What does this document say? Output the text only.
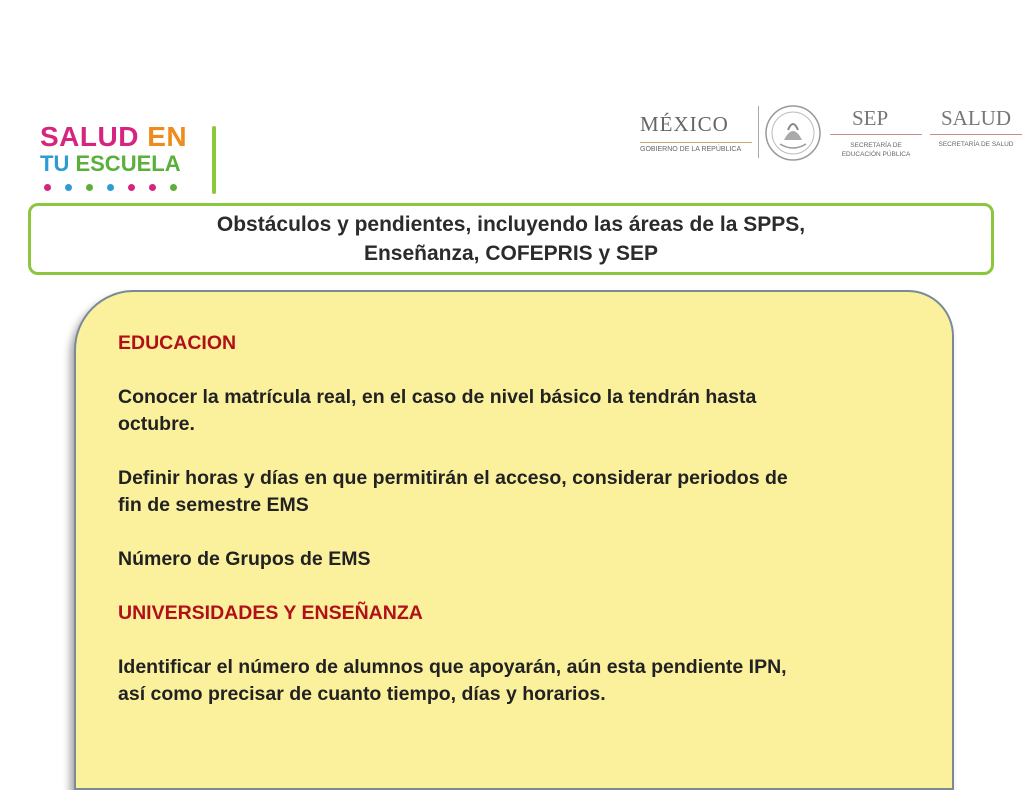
SALUD EN
TU ESCUELA
MÉXICO
GOBIERNO DE LA REPÚBLICA
SEP
SECRETARÍA DE
EDUCACIÓN PÚBLICA
SALUD
SECRETARÍA DE SALUD
Obstáculos y pendientes, incluyendo las áreas de la SPPS,
Enseñanza, COFEPRIS y SEP

EDUCACION

Conocer la matrícula real, en el caso de nivel básico la tendrán hasta

octubre.

Definir horas y días en que permitirán el acceso, considerar periodos de

fin de semestre EMS

Número de Grupos de EMS

UNIVERSIDADES Y ENSEÑANZA

Identificar el número de alumnos que apoyarán, aún esta pendiente IPN,

así como precisar de cuanto tiempo, días y horarios.
